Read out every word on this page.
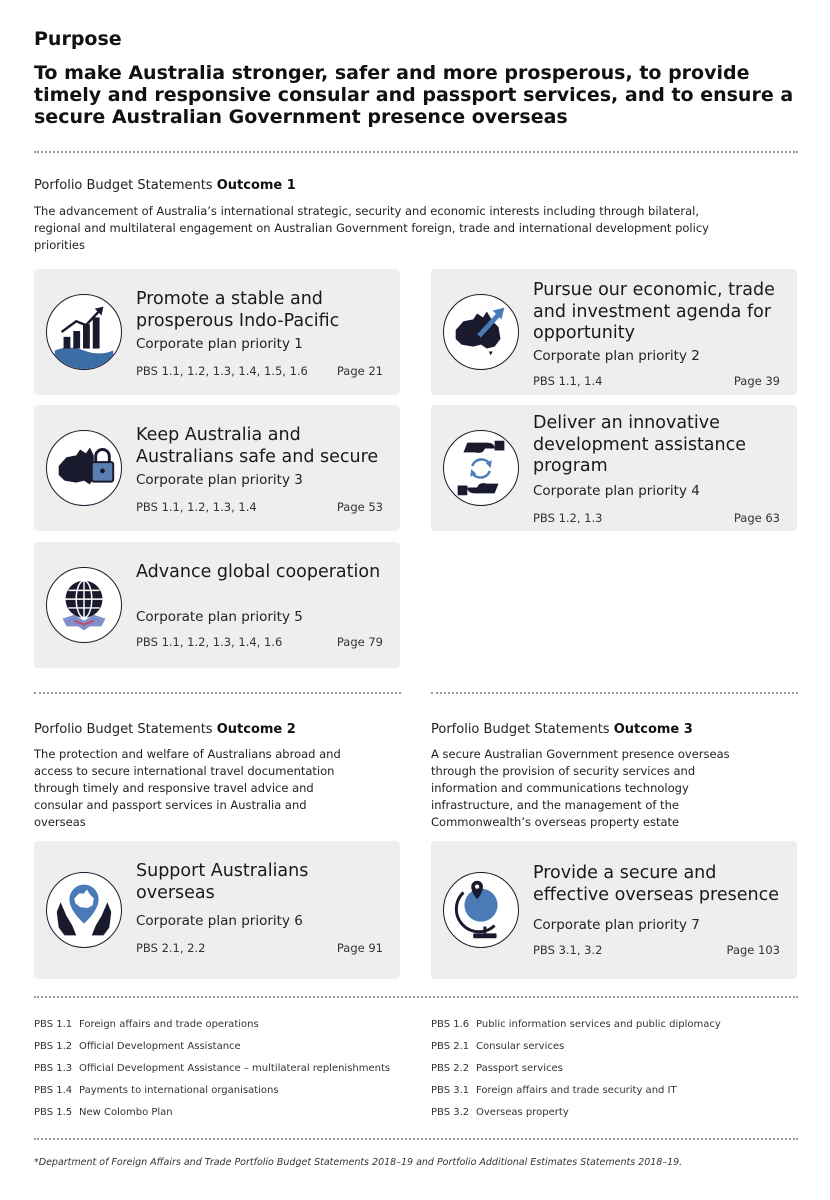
Purpose
To make Australia stronger, safer and more prosperous, to provide timely and responsive consular and passport services, and to ensure a secure Australian Government presence overseas
Porfolio Budget Statements Outcome 1
The advancement of Australia’s international strategic, security and economic interests including through bilateral, regional and multilateral engagement on Australian Government foreign, trade and international development policy priorities
Promote a stable and prosperous Indo-Pacific
Corporate plan priority 1
PBS 1.1, 1.2, 1.3, 1.4, 1.5, 1.6	Page 21
Pursue our economic, trade and investment agenda for opportunity
Corporate plan priority 2
PBS 1.1, 1.4	Page 39
Keep Australia and Australians safe and secure
Corporate plan priority 3
PBS 1.1, 1.2, 1.3, 1.4	Page 53
Deliver an innovative development assistance program
Corporate plan priority 4
PBS 1.2, 1.3	Page 63
Advance global cooperation
Corporate plan priority 5
PBS 1.1, 1.2, 1.3, 1.4, 1.6	Page 79
Porfolio Budget Statements Outcome 2
The protection and welfare of Australians abroad and access to secure international travel documentation through timely and responsive travel advice and consular and passport services in Australia and overseas
Porfolio Budget Statements Outcome 3
A secure Australian Government presence overseas through the provision of security services and information and communications technology infrastructure, and the management of the Commonwealth’s overseas property estate
Support Australians overseas
Corporate plan priority 6
PBS 2.1, 2.2	Page 91
Provide a secure and effective overseas presence
Corporate plan priority 7
PBS 3.1, 3.2	Page 103
PBS 1.1 Foreign affairs and trade operations
PBS 1.2 Official Development Assistance
PBS 1.3 Official Development Assistance – multilateral replenishments
PBS 1.4 Payments to international organisations
PBS 1.5 New Colombo Plan
PBS 1.6 Public information services and public diplomacy
PBS 2.1 Consular services
PBS 2.2 Passport services
PBS 3.1 Foreign affairs and trade security and IT
PBS 3.2 Overseas property
*Department of Foreign Affairs and Trade Portfolio Budget Statements 2018–19 and Portfolio Additional Estimates Statements 2018–19.
